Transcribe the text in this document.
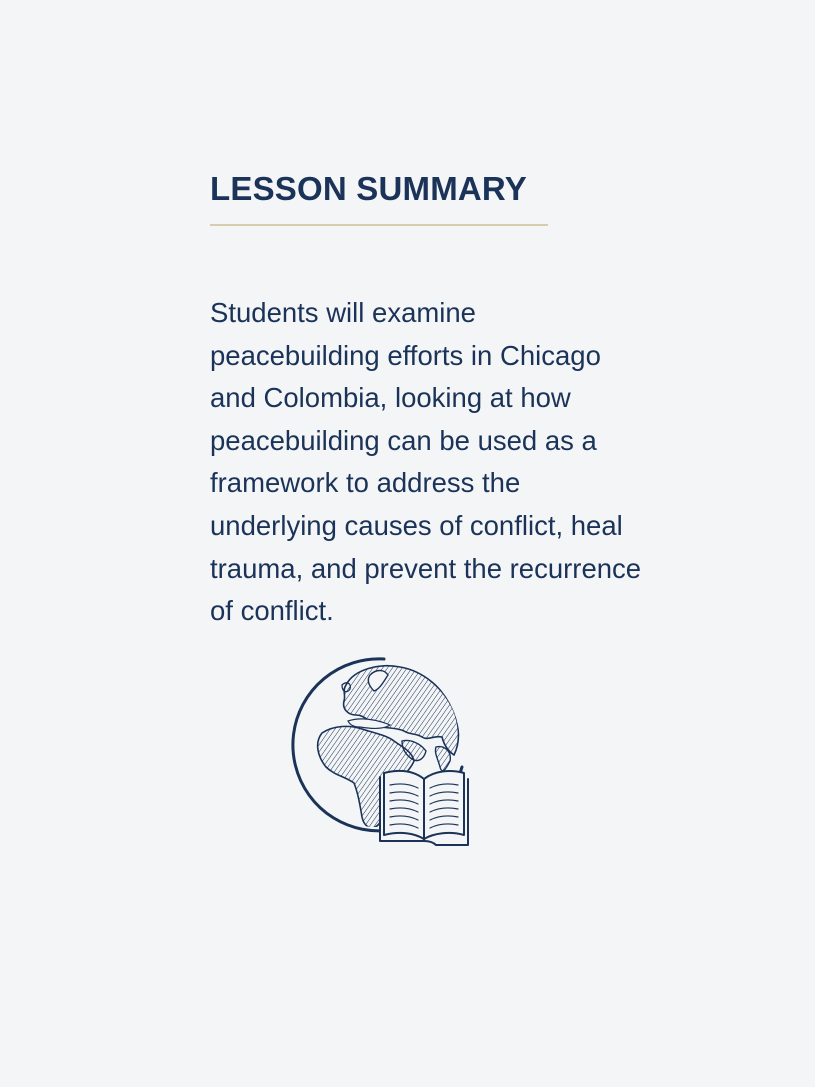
LESSON SUMMARY

Students will examine peacebuilding efforts in Chicago and Colombia, looking at how peacebuilding can be used as a framework to address the underlying causes of conflict, heal trauma, and prevent the recurrence of conflict.
